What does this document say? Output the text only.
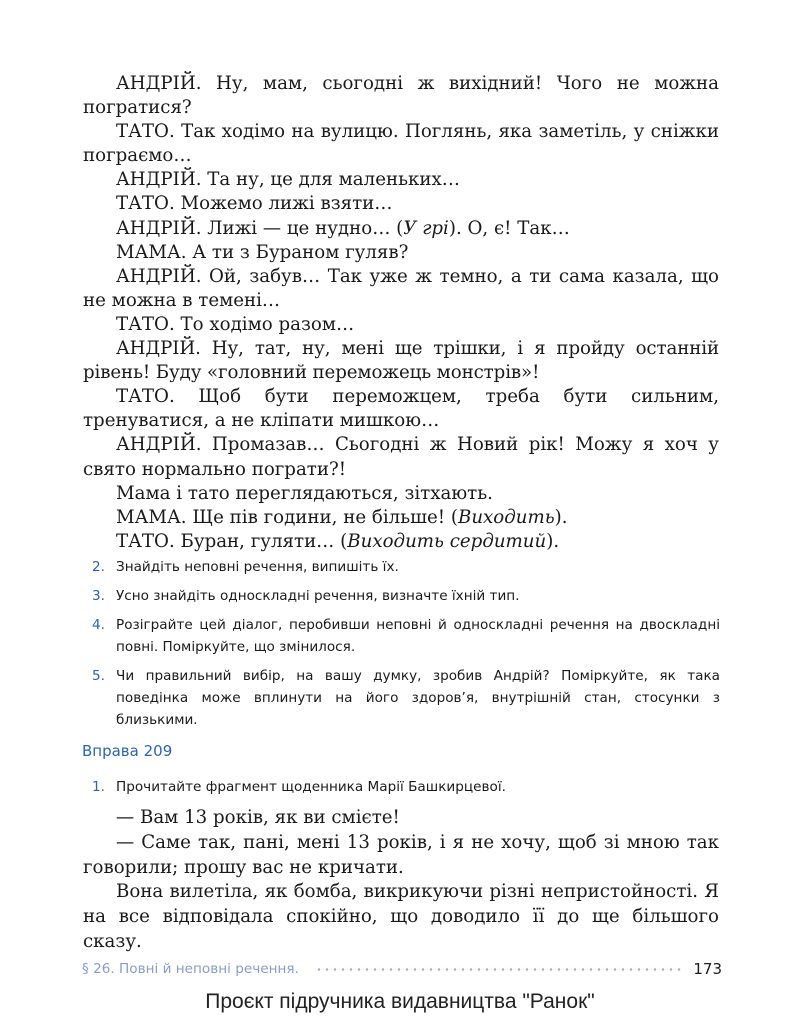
АНДРІЙ. Ну, мам, сьогодні ж вихідний! Чого не можна погратися?

ТАТО. Так ходімо на вулицю. Поглянь, яка заметіль, у сніжки пограємо…

АНДРІЙ. Та ну, це для маленьких…

ТАТО. Можемо лижі взяти…

АНДРІЙ. Лижі — це нудно… (У грі). О, є! Так…

МАМА. А ти з Бураном гуляв?

АНДРІЙ. Ой, забув… Так уже ж темно, а ти сама казала, що не можна в темені…

ТАТО. То ходімо разом…

АНДРІЙ. Ну, тат, ну, мені ще трішки, і я пройду останній рівень! Буду «головний переможець монстрів»!

ТАТО. Щоб бути переможцем, треба бути сильним, тренуватися, а не кліпати мишкою…

АНДРІЙ. Промазав… Сьогодні ж Новий рік! Можу я хоч у свято нормально пограти?!

Мама і тато переглядаються, зітхають.

МАМА. Ще пів години, не більше! (Виходить).

ТАТО. Буран, гуляти… (Виходить сердитий).

2. Знайдіть неповні речення, випишіть їх.
3. Усно знайдіть односкладні речення, визначте їхній тип.
4. Розіграйте цей діалог, перобивши неповні й односкладні речення на двоскладні повні. Поміркуйте, що змінилося.
5. Чи правильний вибір, на вашу думку, зробив Андрій? Поміркуйте, як така поведінка може вплинути на його здоров’я, внутрішній стан, стосунки з близькими.
Вправа 209
1. Прочитайте фрагмент щоденника Марії Башкирцевої.

— Вам 13 років, як ви смієте!

— Саме так, пані, мені 13 років, і я не хочу, щоб зі мною так говорили; прошу вас не кричати.

Вона вилетіла, як бомба, викрикуючи різні непристойності. Я на все відповідала спокійно, що доводило її до ще більшого сказу.

§ 26. Повні й неповні речення.	173
Проєкт підручника видавництва "Ранок"
